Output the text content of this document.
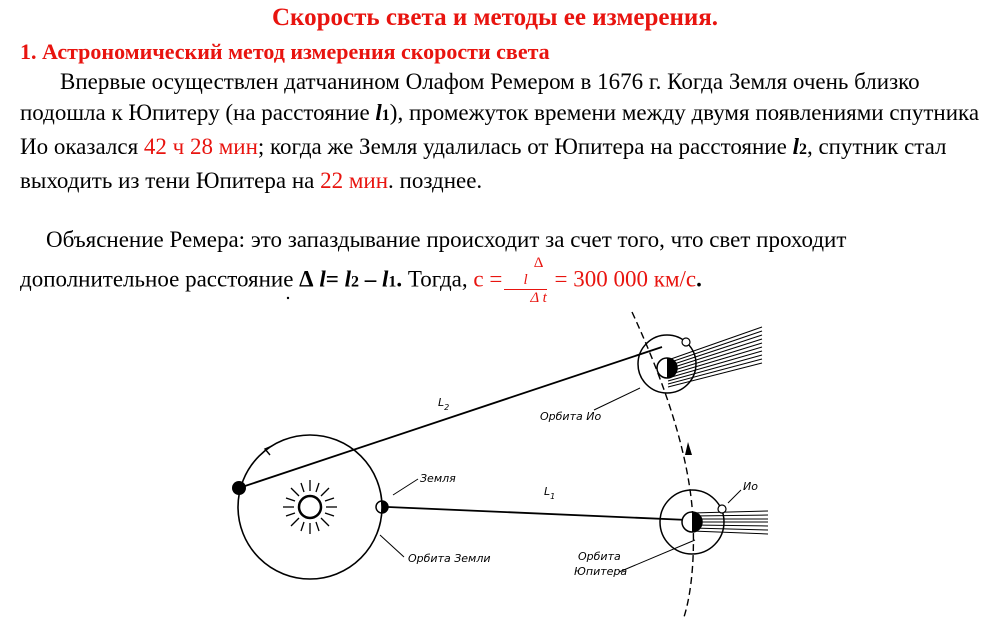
Скорость света и методы ее измерения.
1. Астрономический метод измерения скорости света

Впервые осуществлен датчанином Олафом Ремером в 1676 г. Когда Земля очень близко подошла к Юпитеру (на расстояние l1), промежуток времени между двумя появлениями спутника Ио оказался 42 ч 28 мин; когда же Земля удалилась от Юпитера на расстояние l2, спутник стал выходить из тени Юпитера на 22 мин. позднее.

Объяснение Ремера: это запаздывание происходит за счет того, что свет проходит дополнительное расстояние Δ l= l2 – l1. Тогда, c = Δ
l
Δ t = 300 000 км/с.

$L_2$
$L_1$
Земля
Орбита Земли
Орбита Ио
Ио
Орбита
Юпитера
